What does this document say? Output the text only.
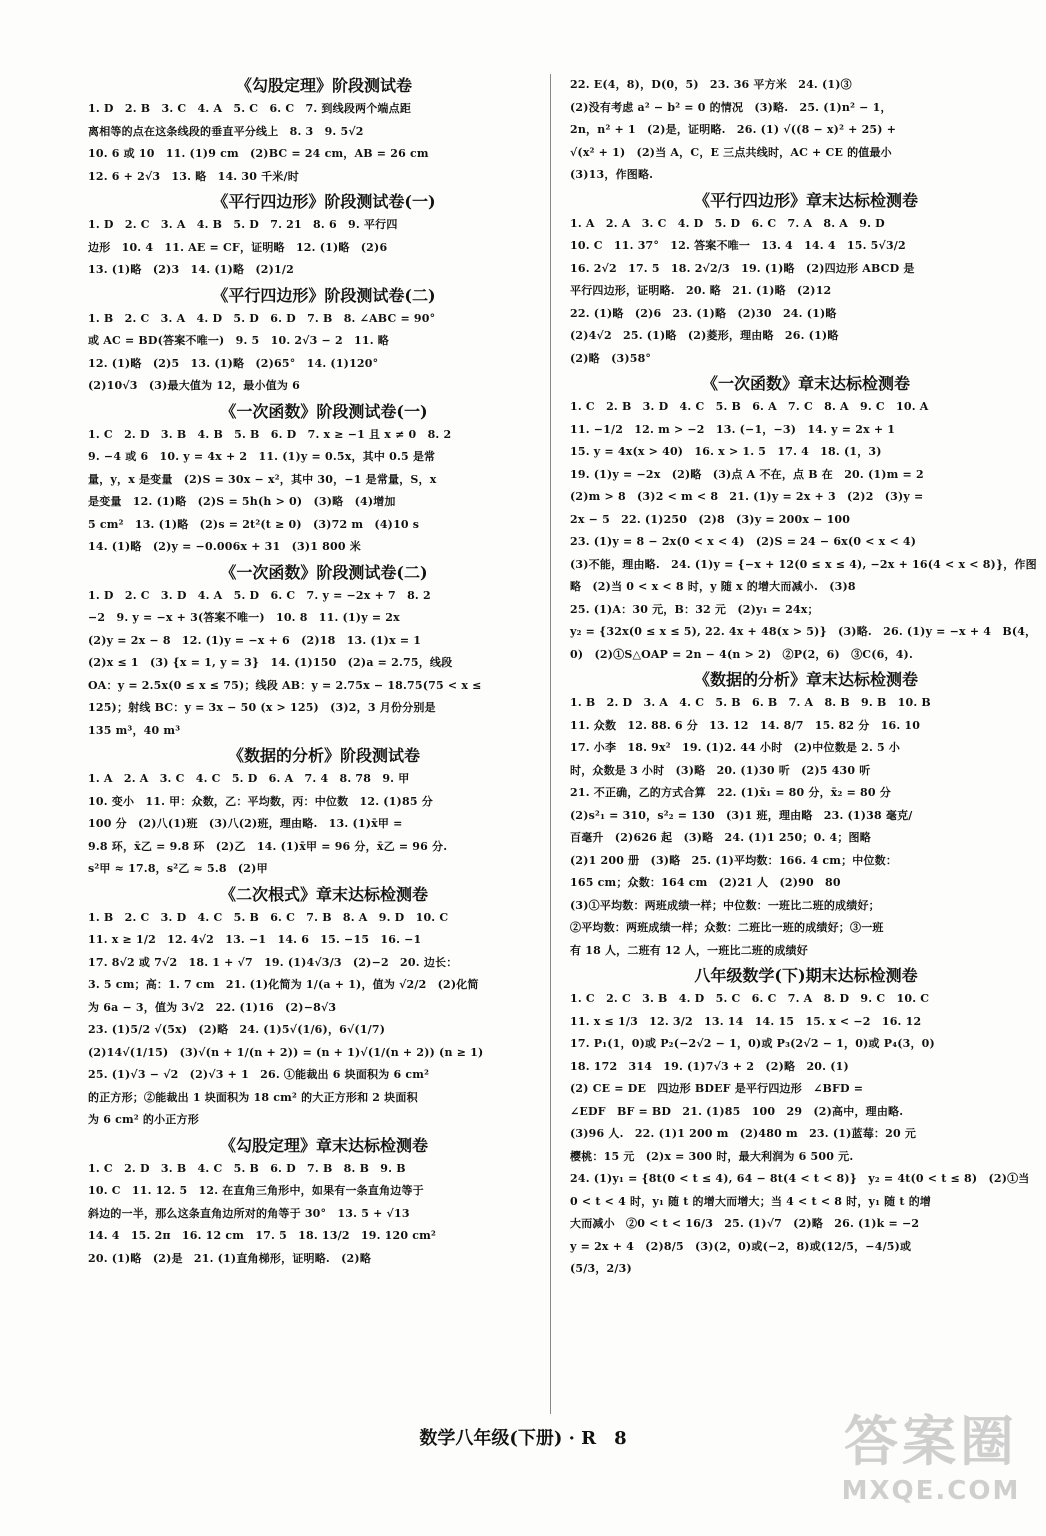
《勾股定理》阶段测试卷
1. D　2. B　3. C　4. A　5. C　6. C　7. 到线段两个端点距
离相等的点在这条线段的垂直平分线上　8. 3　9. 5√2
10. 6 或 10　11. (1)9 cm　(2)BC = 24 cm，AB = 26 cm
12. 6 + 2√3　13. 略　14. 30 千米/时
《平行四边形》阶段测试卷(一)
1. D　2. C　3. A　4. B　5. D　7. 21　8. 6　9. 平行四
边形　10. 4　11. AE = CF，证明略　12. (1)略　(2)6
13. (1)略　(2)3　14. (1)略　(2)1/2
《平行四边形》阶段测试卷(二)
1. B　2. C　3. A　4. D　5. D　6. D　7. B　8. ∠ABC = 90°
或 AC = BD(答案不唯一)　9. 5　10. 2√3 − 2　11. 略
12. (1)略　(2)5　13. (1)略　(2)65°　14. (1)120°
(2)10√3　(3)最大值为 12，最小值为 6
《一次函数》阶段测试卷(一)
1. C　2. D　3. B　4. B　5. B　6. D　7. x ≥ −1 且 x ≠ 0　8. 2
9. −4 或 6　10. y = 4x + 2　11. (1)y = 0.5x，其中 0.5 是常
量，y，x 是变量　(2)S = 30x − x²，其中 30，−1 是常量，S，x
是变量　12. (1)略　(2)S = 5h(h > 0)　(3)略　(4)增加
5 cm²　13. (1)略　(2)s = 2t²(t ≥ 0)　(3)72 m　(4)10 s
14. (1)略　(2)y = −0.006x + 31　(3)1 800 米
《一次函数》阶段测试卷(二)
1. D　2. C　3. D　4. A　5. D　6. C　7. y = −2x + 7　8. 2
−2　9. y = −x + 3(答案不唯一)　10. 8　11. (1)y = 2x
(2)y = 2x − 8　12. (1)y = −x + 6　(2)18　13. (1)x = 1
(2)x ≤ 1　(3) {x = 1, y = 3}　14. (1)150　(2)a = 2.75，线段
OA：y = 2.5x(0 ≤ x ≤ 75)；线段 AB：y = 2.75x − 18.75(75 < x ≤
125)；射线 BC：y = 3x − 50 (x > 125)　(3)2，3 月份分别是
135 m³，40 m³
《数据的分析》阶段测试卷
1. A　2. A　3. C　4. C　5. D　6. A　7. 4　8. 78　9. 甲
10. 变小　11. 甲：众数，乙：平均数，丙：中位数　12. (1)85 分
100 分　(2)八(1)班　(3)八(2)班，理由略.　13. (1)x̄甲 =
9.8 环，x̄乙 = 9.8 环　(2)乙　14. (1)x̄甲 = 96 分，x̄乙 = 96 分.
s²甲 ≈ 17.8，s²乙 ≈ 5.8　(2)甲
《二次根式》章末达标检测卷
1. B　2. C　3. D　4. C　5. B　6. C　7. B　8. A　9. D　10. C
11. x ≥ 1/2　12. 4√2　13. −1　14. 6　15. −15　16. −1
17. 8√2 或 7√2　18. 1 + √7　19. (1)4√3/3　(2)−2　20. 边长：
3. 5 cm；高：1. 7 cm　21. (1)化简为 1/(a + 1)，值为 √2/2　(2)化简
为 6a − 3，值为 3√2　22. (1)16　(2)−8√3
23. (1)5/2 √(5x)　(2)略　24. (1)5√(1/6)，6√(1/7)
(2)14√(1/15)　(3)√(n + 1/(n + 2)) = (n + 1)√(1/(n + 2)) (n ≥ 1)
25. (1)√3 − √2　(2)√3 + 1　26. ①能裁出 6 块面积为 6 cm²
的正方形；②能裁出 1 块面积为 18 cm² 的大正方形和 2 块面积
为 6 cm² 的小正方形
《勾股定理》章末达标检测卷
1. C　2. D　3. B　4. C　5. B　6. D　7. B　8. B　9. B
10. C　11. 12. 5　12. 在直角三角形中，如果有一条直角边等于
斜边的一半，那么这条直角边所对的角等于 30°　13. 5 + √13
14. 4　15. 2π　16. 12 cm　17. 5　18. 13/2　19. 120 cm²
20. (1)略　(2)是　21. (1)直角梯形，证明略.　(2)略
22. E(4，8)，D(0，5)　23. 36 平方米　24. (1)③
(2)没有考虑 a² − b² = 0 的情况　(3)略.　25. (1)n² − 1，
2n，n² + 1　(2)是，证明略.　26. (1) √((8 − x)² + 25) +
√(x² + 1)　(2)当 A，C，E 三点共线时，AC + CE 的值最小
(3)13，作图略.
《平行四边形》章末达标检测卷
1. A　2. A　3. C　4. D　5. D　6. C　7. A　8. A　9. D
10. C　11. 37°　12. 答案不唯一　13. 4　14. 4　15. 5√3/2
16. 2√2　17. 5　18. 2√2/3　19. (1)略　(2)四边形 ABCD 是
平行四边形，证明略.　20. 略　21. (1)略　(2)12
22. (1)略　(2)6　23. (1)略　(2)30　24. (1)略
(2)4√2　25. (1)略　(2)菱形，理由略　26. (1)略
(2)略　(3)58°
《一次函数》章末达标检测卷
1. C　2. B　3. D　4. C　5. B　6. A　7. C　8. A　9. C　10. A
11. −1/2　12. m > −2　13. (−1，−3)　14. y = 2x + 1
15. y = 4x(x > 40)　16. x > 1. 5　17. 4　18. (1，3)
19. (1)y = −2x　(2)略　(3)点 A 不在，点 B 在　20. (1)m = 2
(2)m > 8　(3)2 < m < 8　21. (1)y = 2x + 3　(2)2　(3)y =
2x − 5　22. (1)250　(2)8　(3)y = 200x − 100
23. (1)y = 8 − 2x(0 < x < 4)　(2)S = 24 − 6x(0 < x < 4)
(3)不能，理由略.　24. (1)y = {−x + 12(0 ≤ x ≤ 4), −2x + 16(4 < x < 8)}，作图
略　(2)当 0 < x < 8 时，y 随 x 的增大而减小.　(3)8
25. (1)A：30 元，B：32 元　(2)y₁ = 24x；
y₂ = {32x(0 ≤ x ≤ 5), 22. 4x + 48(x > 5)}　(3)略.　26. (1)y = −x + 4　B(4，
0)　(2)①S△OAP = 2n − 4(n > 2)　②P(2，6)　③C(6，4).
《数据的分析》章末达标检测卷
1. B　2. D　3. A　4. C　5. B　6. B　7. A　8. B　9. B　10. B
11. 众数　12. 88. 6 分　13. 12　14. 8/7　15. 82 分　16. 10
17. 小李　18. 9x²　19. (1)2. 44 小时　(2)中位数是 2. 5 小
时，众数是 3 小时　(3)略　20. (1)30 听　(2)5 430 听
21. 不正确，乙的方式合算　22. (1)x̄₁ = 80 分，x̄₂ = 80 分
(2)s²₁ = 310，s²₂ = 130　(3)1 班，理由略　23. (1)38 毫克/
百毫升　(2)626 起　(3)略　24. (1)1 250；0. 4；图略
(2)1 200 册　(3)略　25. (1)平均数：166. 4 cm；中位数：
165 cm；众数：164 cm　(2)21 人　(2)90　80
(3)①平均数：两班成绩一样；中位数：一班比二班的成绩好；
②平均数：两班成绩一样；众数：二班比一班的成绩好；③一班
有 18 人，二班有 12 人，一班比二班的成绩好
八年级数学(下)期末达标检测卷
1. C　2. C　3. B　4. D　5. C　6. C　7. A　8. D　9. C　10. C
11. x ≤ 1/3　12. 3/2　13. 14　14. 15　15. x < −2　16. 12
17. P₁(1，0)或 P₂(−2√2 − 1，0)或 P₃(2√2 − 1，0)或 P₄(3，0)
18. 172　314　19. (1)7√3 + 2　(2)略　20. (1)
(2) CE = DE　四边形 BDEF 是平行四边形　∠BFD =
∠EDF　BF = BD　21. (1)85　100　29　(2)高中，理由略.
(3)96 人.　22. (1)1 200 m　(2)480 m　23. (1)蓝莓：20 元
樱桃：15 元　(2)x = 300 时，最大利润为 6 500 元.
24. (1)y₁ = {8t(0 < t ≤ 4), 64 − 8t(4 < t < 8)}　y₂ = 4t(0 < t ≤ 8)　(2)①当
0 < t < 4 时，y₁ 随 t 的增大而增大；当 4 < t < 8 时，y₁ 随 t 的增
大而减小　②0 < t < 16/3　25. (1)√7　(2)略　26. (1)k = −2
y = 2x + 4　(2)8/5　(3)(2，0)或(−2，8)或(12/5，−4/5)或
(5/3，2/3)
数学八年级(下册) · R　8	答案圈
MXQE.COM
